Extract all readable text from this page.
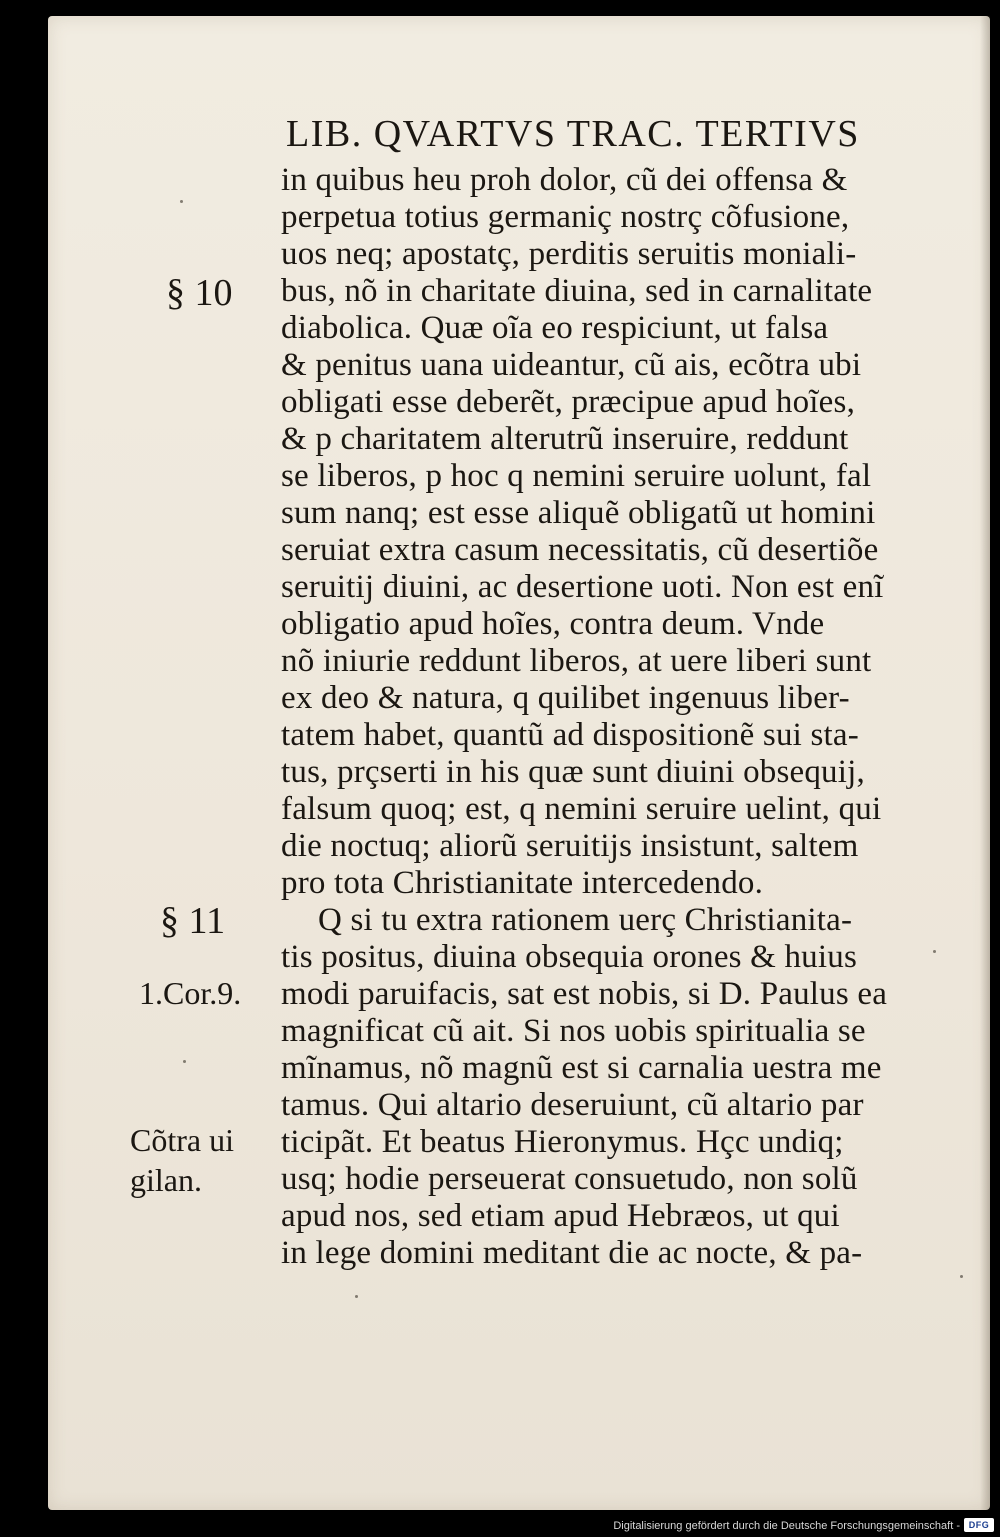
LIB. QVARTVS TRAC. TERTIVS
in quibus heu proh dolor, cũ dei offensa &
perpetua totius germaniç nostrç cõfusione,
uos neq; apostatç, perditis seruitis moniali-
bus, nõ in charitate diuina, sed in carnalitate
diabolica. Quæ oĩa eo respiciunt, ut falsa
& penitus uana uideantur, cũ ais, ecõtra ubi
obligati esse deberẽt, præcipue apud hoĩes,
& p charitatem alterutrũ inseruire, reddunt
se liberos, p hoc q nemini seruire uolunt, fal
sum nanq; est esse aliquẽ obligatũ ut homini
seruiat extra casum necessitatis, cũ desertiõe
seruitij diuini, ac desertione uoti. Non est enĩ
obligatio apud hoĩes, contra deum. Vnde
nõ iniurie reddunt liberos, at uere liberi sunt
ex deo & natura, q quilibet ingenuus liber-
tatem habet, quantũ ad dispositionẽ sui sta-
tus, prçserti in his quæ sunt diuini obsequij,
falsum quoq; est, q nemini seruire uelint, qui
die noctuq; aliorũ seruitijs insistunt, saltem
pro tota Christianitate intercedendo.
Q si tu extra rationem uerç Christianita-
tis positus, diuina obsequia orones & huius
modi paruifacis, sat est nobis, si D. Paulus ea
magnificat cũ ait. Si nos uobis spiritualia se
mĩnamus, nõ magnũ est si carnalia uestra me
tamus. Qui altario deseruiunt, cũ altario par
ticipãt. Et beatus Hieronymus. Hçc undiq;
usq; hodie perseuerat consuetudo, non solũ
apud nos, sed etiam apud Hebræos, ut qui
in lege domini meditant die ac nocte, & pa-
§ 10
§ 11
1.Cor.9.
Cõtra ui
gilan.
Digitalisierung gefördert durch die Deutsche Forschungsgemeinschaft - DFG
